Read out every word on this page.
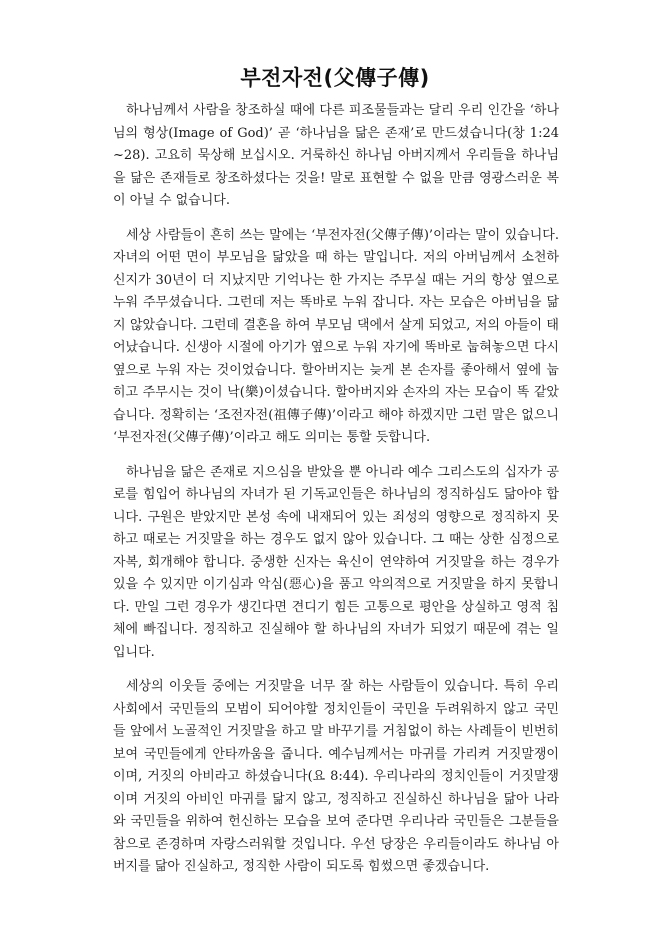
부전자전(父傳子傳)

하나님께서 사람을 창조하실 때에 다른 피조물들과는 달리 우리 인간을 ‘하나님의 형상(Image of God)’ 곧 ‘하나님을 닮은 존재’로 만드셨습니다(창 1:24~28). 고요히 묵상해 보십시오. 거룩하신 하나님 아버지께서 우리들을 하나님을 닮은 존재들로 창조하셨다는 것을! 말로 표현할 수 없을 만큼 영광스러운 복이 아닐 수 없습니다.

세상 사람들이 흔히 쓰는 말에는 ‘부전자전(父傳子傳)’이라는 말이 있습니다. 자녀의 어떤 면이 부모님을 닮았을 때 하는 말입니다. 저의 아버님께서 소천하신지가 30년이 더 지났지만 기억나는 한 가지는 주무실 때는 거의 항상 옆으로 누워 주무셨습니다. 그런데 저는 똑바로 누워 잡니다. 자는 모습은 아버님을 닮지 않았습니다. 그런데 결혼을 하여 부모님 댁에서 살게 되었고, 저의 아들이 태어났습니다. 신생아 시절에 아기가 옆으로 누워 자기에 똑바로 눕혀놓으면 다시 옆으로 누워 자는 것이었습니다. 할아버지는 늦게 본 손자를 좋아해서 옆에 눕히고 주무시는 것이 낙(樂)이셨습니다. 할아버지와 손자의 자는 모습이 똑 같았습니다. 정확히는 ‘조전자전(祖傳子傳)’이라고 해야 하겠지만 그런 말은 없으니 ‘부전자전(父傳子傳)’이라고 해도 의미는 통할 듯합니다.

하나님을 닮은 존재로 지으심을 받았을 뿐 아니라 예수 그리스도의 십자가 공로를 힘입어 하나님의 자녀가 된 기독교인들은 하나님의 정직하심도 닮아야 합니다. 구원은 받았지만 본성 속에 내재되어 있는 죄성의 영향으로 정직하지 못하고 때로는 거짓말을 하는 경우도 없지 않아 있습니다. 그 때는 상한 심정으로 자복, 회개해야 합니다. 중생한 신자는 육신이 연약하여 거짓말을 하는 경우가 있을 수 있지만 이기심과 악심(惡心)을 품고 악의적으로 거짓말을 하지 못합니다. 만일 그런 경우가 생긴다면 견디기 힘든 고통으로 평안을 상실하고 영적 침체에 빠집니다. 정직하고 진실해야 할 하나님의 자녀가 되었기 때문에 겪는 일입니다.

세상의 이웃들 중에는 거짓말을 너무 잘 하는 사람들이 있습니다. 특히 우리 사회에서 국민들의 모범이 되어야할 정치인들이 국민을 두려워하지 않고 국민들 앞에서 노골적인 거짓말을 하고 말 바꾸기를 거침없이 하는 사례들이 빈번히 보여 국민들에게 안타까움을 줍니다. 예수님께서는 마귀를 가리켜 거짓말쟁이이며, 거짓의 아비라고 하셨습니다(요 8:44). 우리나라의 정치인들이 거짓말쟁이며 거짓의 아비인 마귀를 닮지 않고, 정직하고 진실하신 하나님을 닮아 나라와 국민들을 위하여 헌신하는 모습을 보여 준다면 우리나라 국민들은 그분들을 참으로 존경하며 자랑스러워할 것입니다. 우선 당장은 우리들이라도 하나님 아버지를 닮아 진실하고, 정직한 사람이 되도록 힘썼으면 좋겠습니다.
